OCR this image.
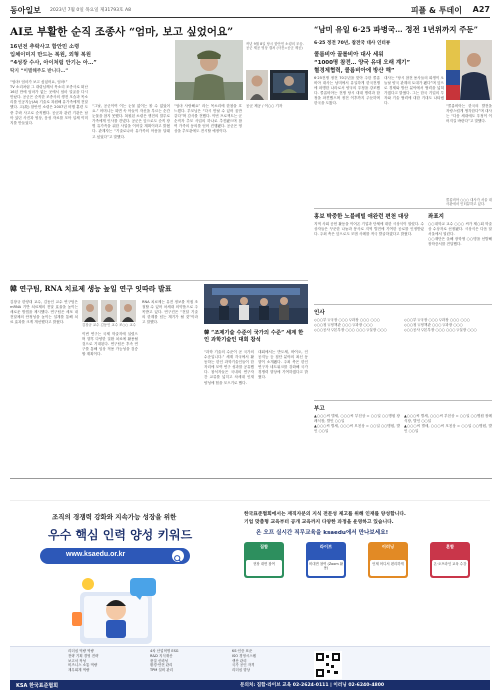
동아일보 2023년 7월 0일 목요일 제31793호 A8	피플 & 투데이 A27
AI로 부활한 순직 조종사 “엄마, 보고 싶었어요”
16년전 추락사고 함안민 소령
입체이미지 만드는 복원, 외형 복원
“4성장 수사, 아이처럼 안기는 아…”
딱지 “이별해주도 받니다…”
작년 9월 8일 당시 함안민 소령의 모습. 공군 제공 영상 캡처 (사진=공군 제공)
“엄마! 엄마가 보고 싶었어요, 엄마!”
TV 소리처럼 그 대령님께서 목소리 조종사로 떠난 16년 만에 엄마가 없는 곳에서 엄마 얼굴을 다시 만났다. 공군은 순직한 조종사의 생전 모습과 목소리를 인공지능(AI) 기술로 복원해 유가족에게 전달했다. 고(故) 함안민 소령은 2007년 비행 훈련 도중 추락 사고로 순직했다. 공군과 관련 기관은 남아 있던 사진과 영상, 음성 자료를 모아 입체 이미지를 만들었다.
“그날, 공군이여 이는 눈물 없이는 볼 수 없었어요.” 어머니는 화면 속 아들이 자신을 부르는 순간 눈물을 참지 못했다. 복원된 소령은 생전의 말투로 가족에게 인사를 건넸다. 공군은 앞으로도 순직 장병 유가족을 위한 사업을 이어갈 계획이라고 밝혔다. 관계자는 “기술로나마 유가족의 아픔을 달래고 싶었다”고 말했다.
“엄마 사랑해요” 라는 목소리에 한참을 흐느꼈다. 부모님은 “다시 만날 수 있어 꿈만 같다”며 감사를 전했다. 이번 프로젝트는 군 순직자 추모 사업의 하나로 추진됐으며 참여 가족의 동의를 얻어 진행됐다. 공군은 영상을 추모관에도 전시할 예정이다.
공군 제공 / 이○○ 기자
韓 연구팀, RNA 치료제 생능 높일 연구 잇따라 발표
김창규 한양대 교수, 김동인 교수 연구팀은 mRNA 기반 치료제의 전달 효율을 높이는 새로운 방법을 제시했다. 연구팀은 세포 내 전달체의 안정성을 높이는 설계를 통해 치료 효과를 크게 개선했다고 밝혔다.
김창규 교수 김동인 교수 조○○ 교수
이번 연구는 국제 학술지에 실렸으며 향후 다양한 질환 치료에 활용될 것으로 기대된다. 연구팀은 후속 연구를 통해 임상 적용 가능성을 검증할 계획이다.
RNA 치료제는 유전 정보를 직접 조절할 수 있어 차세대 의약품으로 주목받고 있다. 연구진은 “전달 기술의 한계를 넘는 계기가 될 것”이라고 말했다.
韓 “조제기술 수준이 국가의 수준” 세계 한인 과학기술인 대회 참석
“과학 기술의 수준이 곧 국가의 수준입니다.” 세계 각국에서 활동하는 한인 과학기술인들이 한자리에 모여 연구 성과를 공유했다. 참석자들은 국내외 연구자 간 교류를 넓히고 차세대 인재 양성에 힘을 모으기로 했다.
대회에서는 반도체, 바이오, 인공지능 등 첨단 분야의 최신 동향이 소개됐다. 주최 측은 한인 연구자 네트워크를 강화해 국가 경쟁력 향상에 기여하겠다고 밝혔다.
“남미 유일 6·25 파병국… 정전 1년위까지 주둔”
6·25 정전 70년, 참전국 대사 인터뷰
콜롬비아 꿀롤비아 대사 세워
“1000명 참전… 양국 유대 오래 계기”
혈경제협력, 콜롬비아에 방산 해”
6·25전쟁 정전 70주년을 맞아 주한 콜롬비아 대사는 남미에서 유일하게 한국전쟁에 파병한 나라로서 양국의 우정을 강조했다. 콜롬비아는 전쟁 당시 대대 병력과 함정을 파견했으며 정전 이후까지 주둔하며 한국을 도왔다.
대사는 “당시 참전 용사들의 희생이 오늘날 양국 관계의 토대가 됐다”며 앞으로 경제와 방산 분야에서 협력을 넓혀 가겠다고 밝혔다. 그는 한국 기업의 투자와 기술 협력에 대한 기대도 나타냈다.
“콜롬비아는 한국의 발전을 자랑스럽게 생각한다”며 대사는 “다음 세대에도 우정이 이어지길 바란다”고 말했다.
콜롬비아 ○○○ 대사가 서울 대사관에서 인터뷰하고 있다.
홍보 박중한 노블레빌 애완런 편천 대상
지역 사회 공헌 활동을 이어온 기업과 단체에 대한 시상식이 열렸다. 수상자들은 꾸준한 나눔과 봉사로 지역 발전에 기여한 공로를 인정받았다. 주최 측은 앞으로도 모범 사례를 적극 발굴하겠다고 밝혔다.
좌표지
○○대학교 교수 ○○○ 씨가 제○회 학술상 수상자로 선정됐다. 시상식은 다음 달 서울에서 열린다.
○○재단은 올해 장학생 ○○명을 선발해 장학증서를 전달했다.
인사
◇○○부 ▽국장 ○○○ ▽과장 ○○○ ○○○
◇○○청 ▽정책관 ○○○ ▽과장 ○○○
◇○○공사 ▽본부장 ○○○ ○○○ ▽실장 ○○○
◇○○부 ▽국장 ○○○ ▽과장 ○○○ ○○○
◇○○청 ▽정책관 ○○○ ▽과장 ○○○
◇○○공사 ▽본부장 ○○○ ○○○ ▽실장 ○○○
부고
▲○○○씨 별세, ○○○씨 부친상 = ○○일 ○○병원 장례식장, 발인 ○○일
▲○○○씨 별세, ○○○씨 모친상 = ○○일 ○○병원, 발인 ○○일
▲○○○씨 별세, ○○○씨 부친상 = ○○일 ○○병원 장례식장, 발인 ○○일
▲○○○씨 별세, ○○○씨 모친상 = ○○일 ○○병원, 발인 ○○일
조직의 경쟁력 강화와 지속가능 성장을 위한
우수 핵심 인력 양성 키워드
www.ksaedu.or.kr
한국표준협회에서는 재직자분의 지식 전문성 제고를 위해 인재를 양성합니다.
기업 맞춤형 교육부터 공개 교육까지 다양한 과정을 운영하고 있습니다.
온 오프 실시간 직무교육을 ksaedu에서 만나보세요!
집합
현장 대면 참여
라이브
비대면 참여 (Zoom 활용)
이러닝
언제 어디서 편리하게
혼합
온·오프라인 교육 수강
리더십 역량 역량
전략 기획 경영 전략
보고서 작성
비즈니스 소통 역량
재무회계 역량
4차 산업혁명 ESG
R&D 지식재산
품질 신뢰성
환경·안전 관리
TPM 설비 관리
KS·인증 표준
ISO 경영시스템
생산 관리
국가 공인 자격
리더십 향상
KSA 한국표준협회	문의처: 집합·라이브 교육 02-2624-0111 | 이러닝 02-6240-4800
